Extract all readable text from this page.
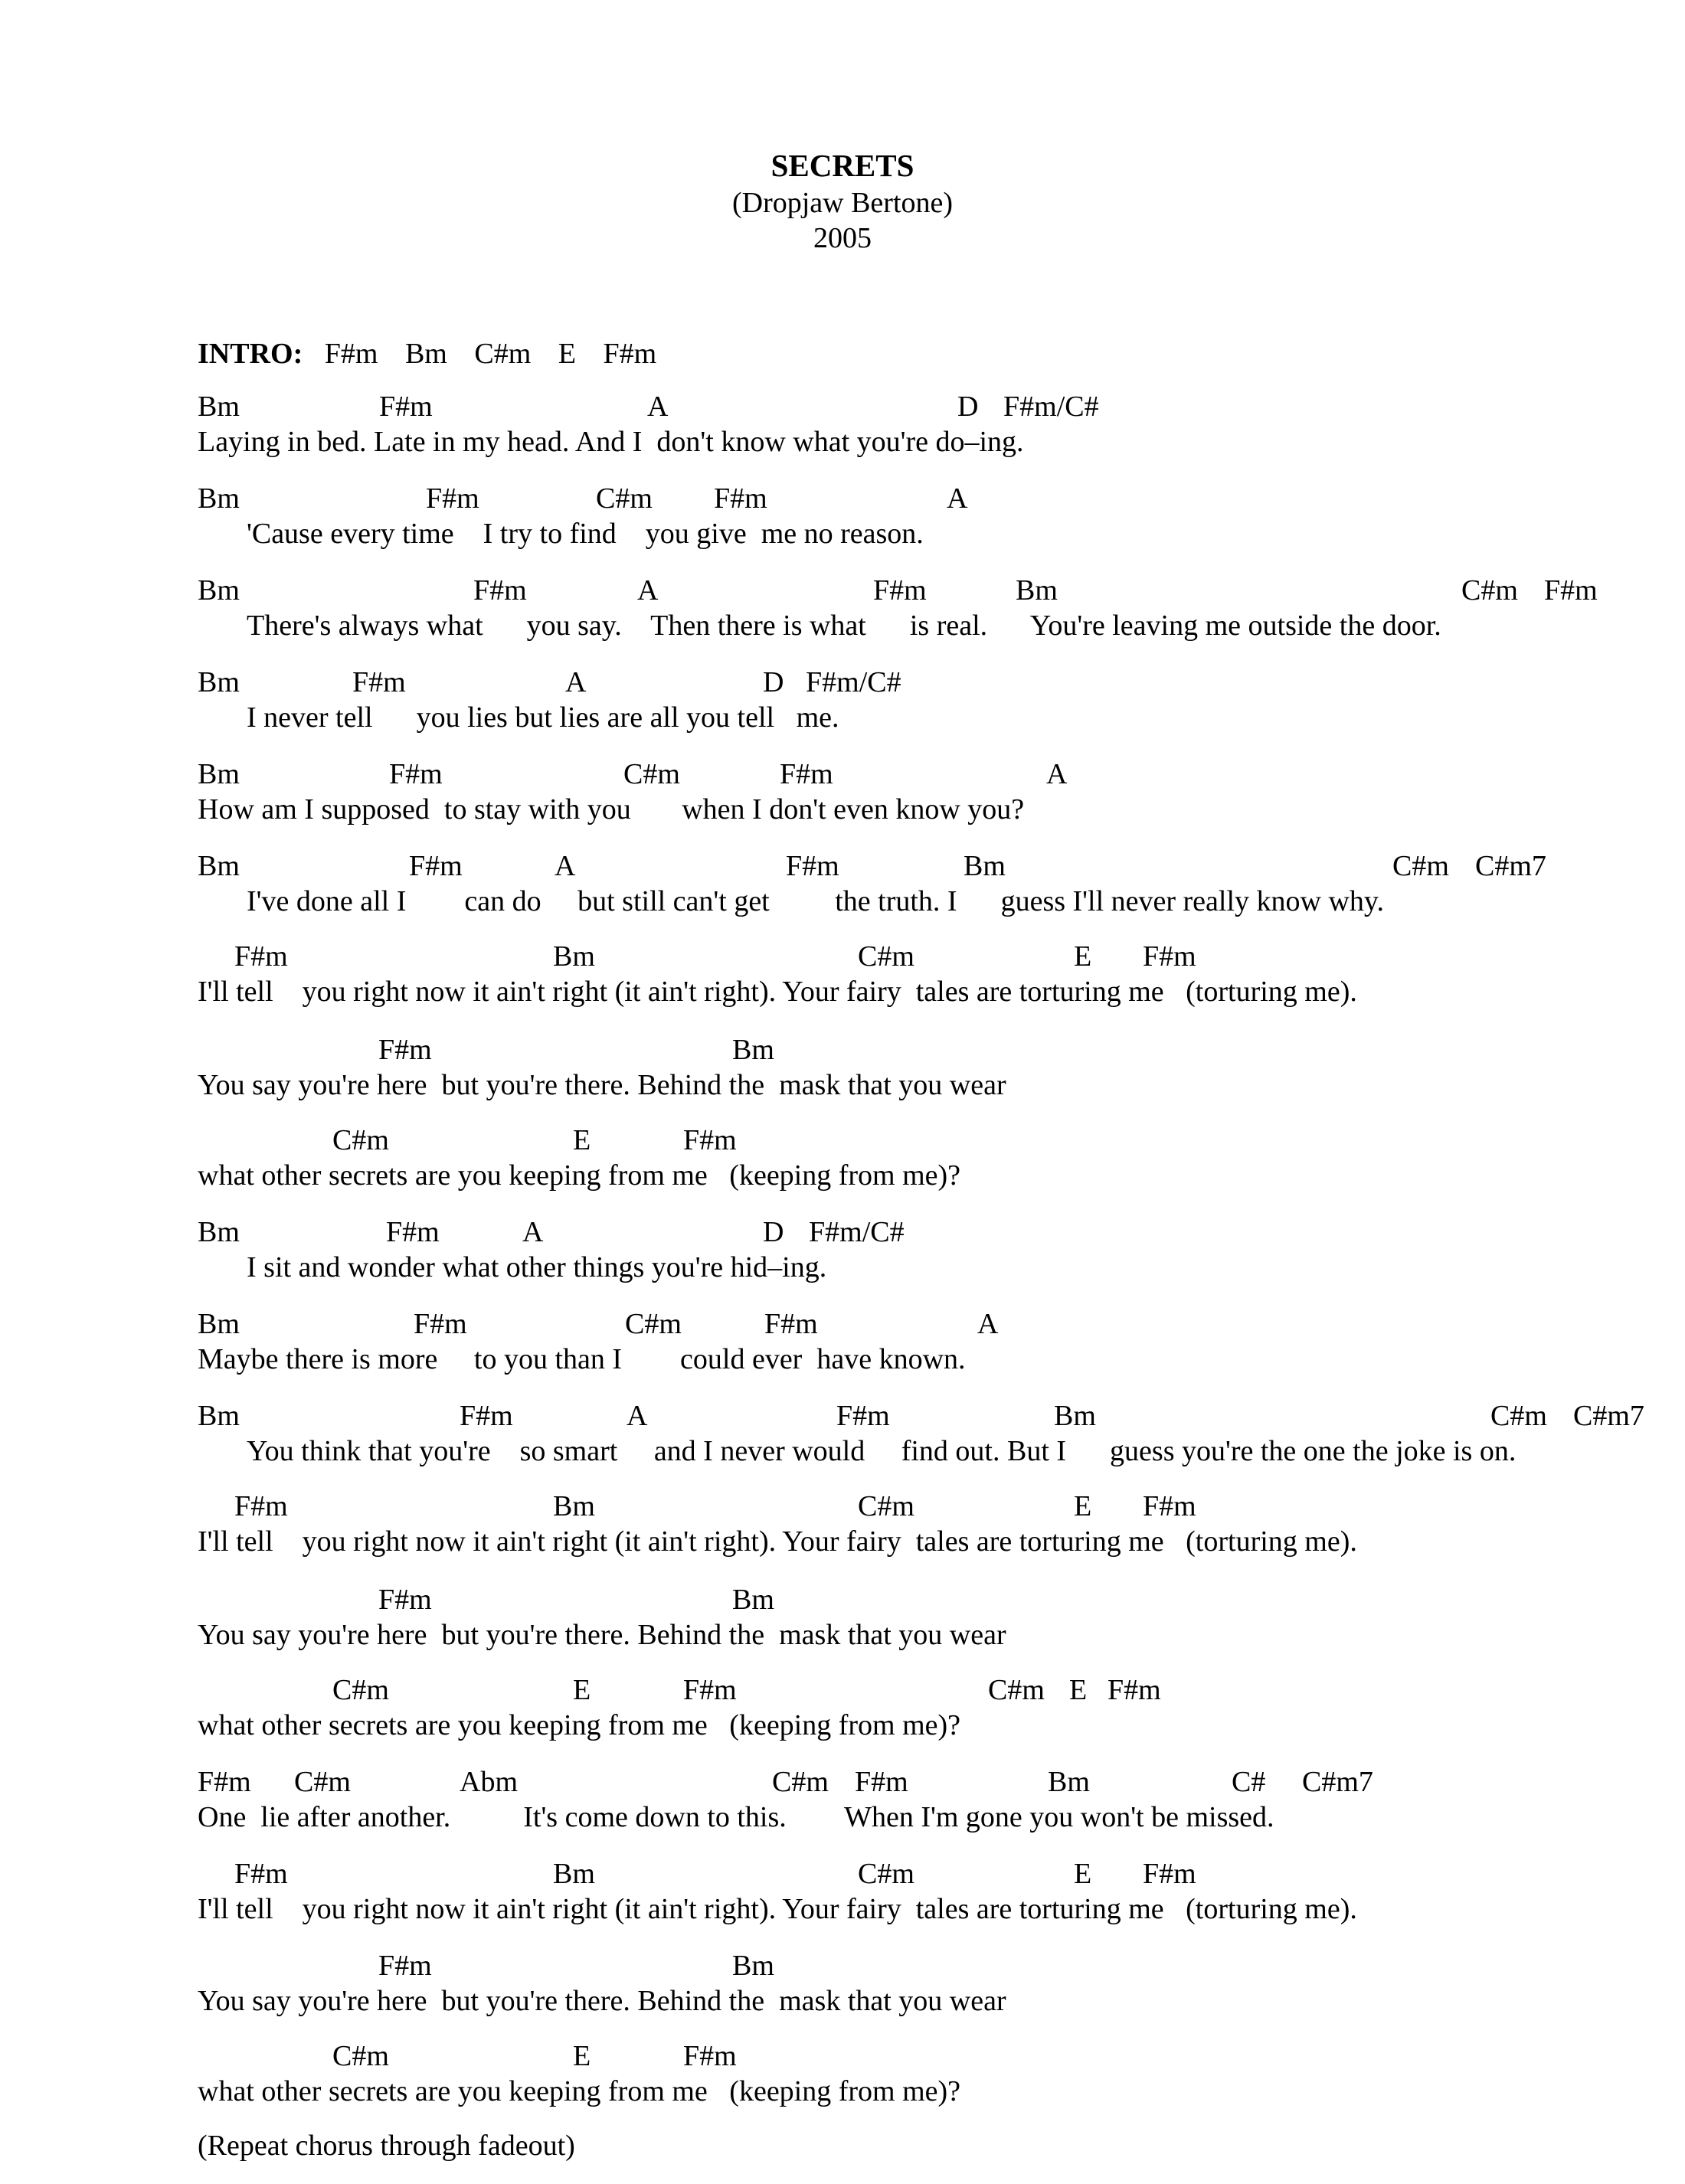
SECRETS
(Dropjaw Bertone)
2005
INTRO: F#m Bm C#m E F#m
Bm	F#m	A	D F#m/C#
Laying in bed. Late in my head. And I  don't know what you're do–ing.
Bm	F#m	C#m F#m	A
'Cause every time    I try to find    you give  me no reason.
Bm	F#m	A	F#m	Bm	C#m F#m
There's always what      you say.    Then there is what      is real.      You're leaving me outside the door.
Bm	F#m	A	D F#m/C#
I never tell      you lies but lies are all you tell   me.
Bm	F#m	C#m	F#m	A
How am I supposed  to stay with you       when I don't even know you?
Bm	F#m	A	F#m	Bm	C#m C#m7
I've done all I        can do     but still can't get         the truth. I      guess I'll never really know why.
F#m	Bm	C#m	E F#m
I'll tell    you right now it ain't right (it ain't right). Your fairy  tales are torturing me   (torturing me).
F#m	Bm
You say you're here  but you're there. Behind the  mask that you wear
C#m	E	F#m
what other secrets are you keeping from me   (keeping from me)?
Bm	F#m	A	D F#m/C#
I sit and wonder what other things you're hid–ing.
Bm	F#m	C#m	F#m	A
Maybe there is more     to you than I        could ever  have known.
Bm	F#m	A	F#m	Bm	C#m C#m7
You think that you're    so smart     and I never would     find out. But I      guess you're the one the joke is on.
F#m	Bm	C#m	E F#m
I'll tell    you right now it ain't right (it ain't right). Your fairy  tales are torturing me   (torturing me).
F#m	Bm
You say you're here  but you're there. Behind the  mask that you wear
C#m	E	F#m	C#m E F#m
what other secrets are you keeping from me   (keeping from me)?
F#m C#m	Abm	C#m F#m	Bm	C# C#m7
One  lie after another.          It's come down to this.        When I'm gone you won't be missed.
F#m	Bm	C#m	E F#m
I'll tell    you right now it ain't right (it ain't right). Your fairy  tales are torturing me   (torturing me).
F#m	Bm
You say you're here  but you're there. Behind the  mask that you wear
C#m	E	F#m
what other secrets are you keeping from me   (keeping from me)?
(Repeat chorus through fadeout)
